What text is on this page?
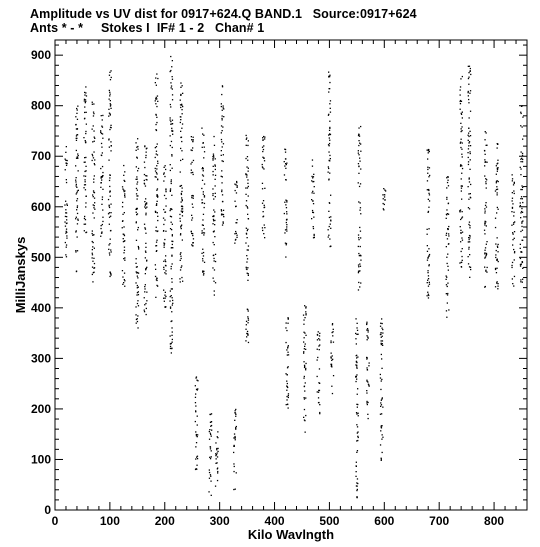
Amplitude vs UV dist for 0917+624.Q BAND.1   Source:0917+624
Ants * - *     Stokes I  IF# 1 - 2   Chan# 1
0	100	200	300	400	500	600	700	800
0
100
200
300
400
500
600
700
800
900
Kilo Wavlngth
MilliJanskys
